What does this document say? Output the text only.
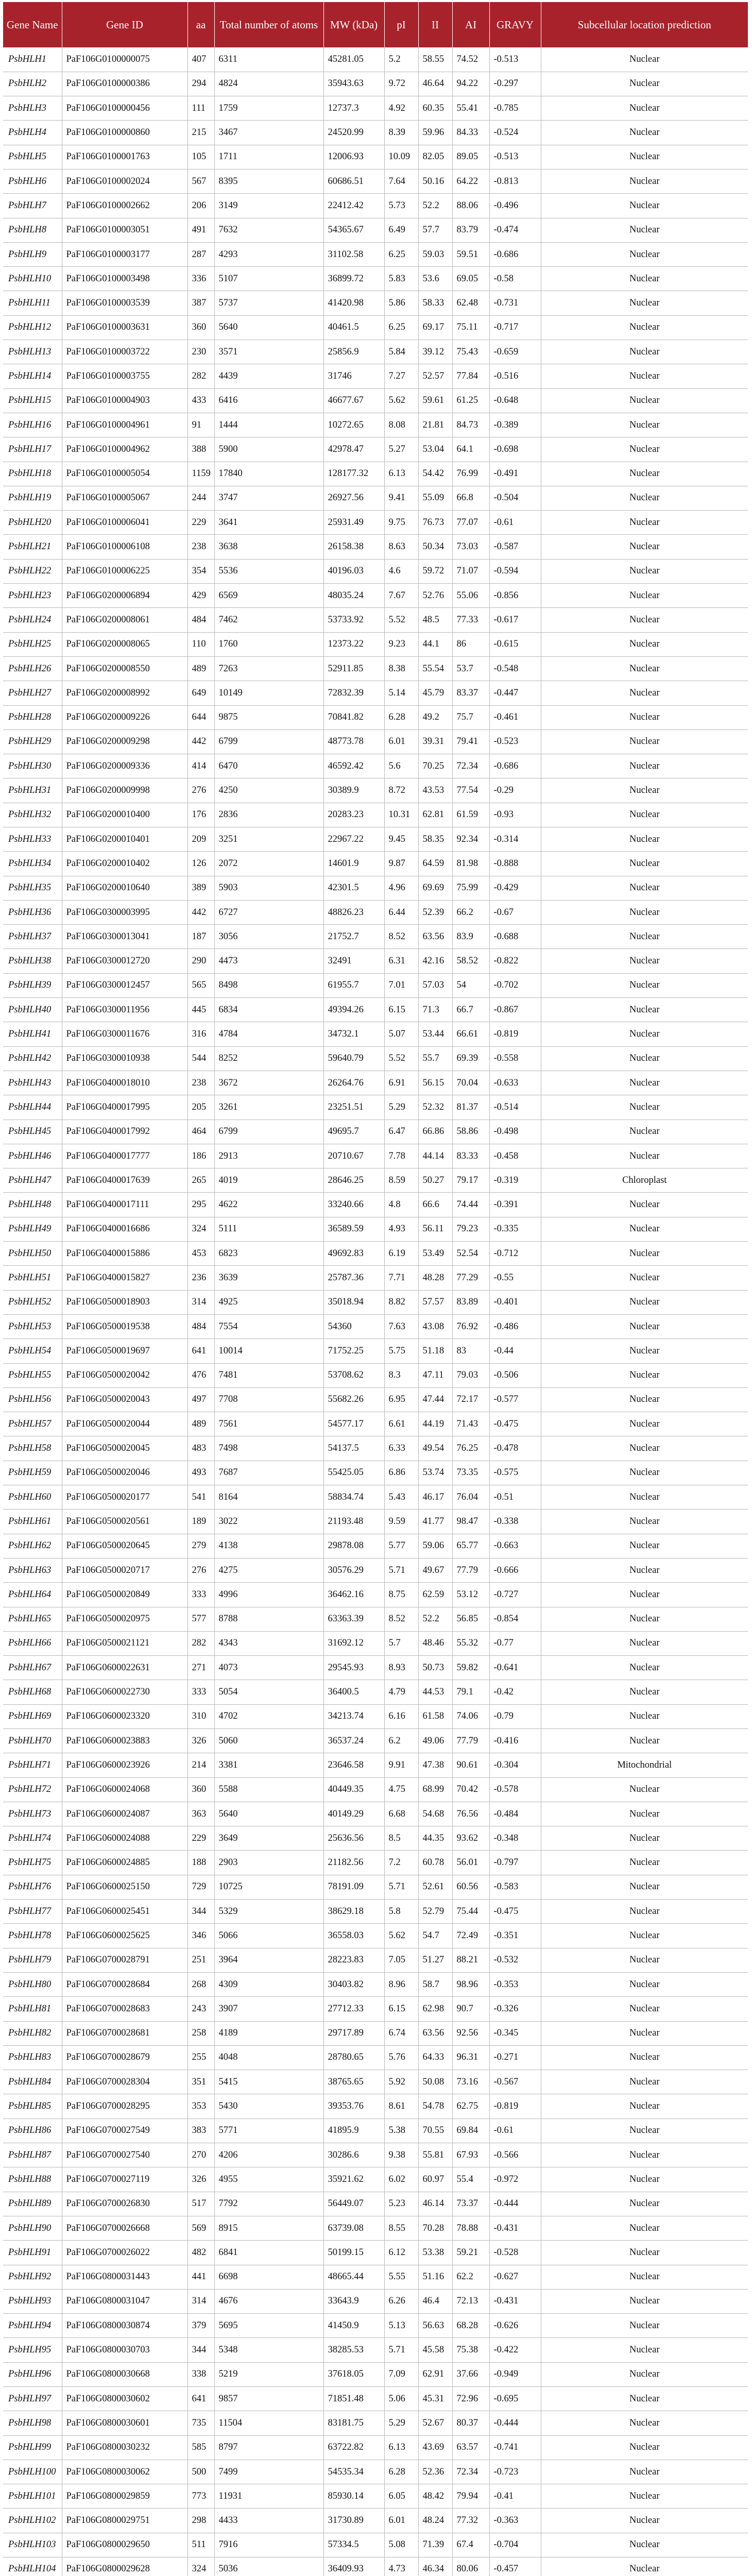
Gene Name	Gene ID	aa	Total number of atoms	MW (kDa)	pI	II	AI	GRAVY	Subcellular location prediction
PsbHLH1	PaF106G0100000075	407	6311	45281.05	5.2	58.55	74.52	-0.513	Nuclear
PsbHLH2	PaF106G0100000386	294	4824	35943.63	9.72	46.64	94.22	-0.297	Nuclear
PsbHLH3	PaF106G0100000456	111	1759	12737.3	4.92	60.35	55.41	-0.785	Nuclear
PsbHLH4	PaF106G0100000860	215	3467	24520.99	8.39	59.96	84.33	-0.524	Nuclear
PsbHLH5	PaF106G0100001763	105	1711	12006.93	10.09	82.05	89.05	-0.513	Nuclear
PsbHLH6	PaF106G0100002024	567	8395	60686.51	7.64	50.16	64.22	-0.813	Nuclear
PsbHLH7	PaF106G0100002662	206	3149	22412.42	5.73	52.2	88.06	-0.496	Nuclear
PsbHLH8	PaF106G0100003051	491	7632	54365.67	6.49	57.7	83.79	-0.474	Nuclear
PsbHLH9	PaF106G0100003177	287	4293	31102.58	6.25	59.03	59.51	-0.686	Nuclear
PsbHLH10	PaF106G0100003498	336	5107	36899.72	5.83	53.6	69.05	-0.58	Nuclear
PsbHLH11	PaF106G0100003539	387	5737	41420.98	5.86	58.33	62.48	-0.731	Nuclear
PsbHLH12	PaF106G0100003631	360	5640	40461.5	6.25	69.17	75.11	-0.717	Nuclear
PsbHLH13	PaF106G0100003722	230	3571	25856.9	5.84	39.12	75.43	-0.659	Nuclear
PsbHLH14	PaF106G0100003755	282	4439	31746	7.27	52.57	77.84	-0.516	Nuclear
PsbHLH15	PaF106G0100004903	433	6416	46677.67	5.62	59.61	61.25	-0.648	Nuclear
PsbHLH16	PaF106G0100004961	91	1444	10272.65	8.08	21.81	84.73	-0.389	Nuclear
PsbHLH17	PaF106G0100004962	388	5900	42978.47	5.27	53.04	64.1	-0.698	Nuclear
PsbHLH18	PaF106G0100005054	1159	17840	128177.32	6.13	54.42	76.99	-0.491	Nuclear
PsbHLH19	PaF106G0100005067	244	3747	26927.56	9.41	55.09	66.8	-0.504	Nuclear
PsbHLH20	PaF106G0100006041	229	3641	25931.49	9.75	76.73	77.07	-0.61	Nuclear
PsbHLH21	PaF106G0100006108	238	3638	26158.38	8.63	50.34	73.03	-0.587	Nuclear
PsbHLH22	PaF106G0100006225	354	5536	40196.03	4.6	59.72	71.07	-0.594	Nuclear
PsbHLH23	PaF106G0200006894	429	6569	48035.24	7.67	52.76	55.06	-0.856	Nuclear
PsbHLH24	PaF106G0200008061	484	7462	53733.92	5.52	48.5	77.33	-0.617	Nuclear
PsbHLH25	PaF106G0200008065	110	1760	12373.22	9.23	44.1	86	-0.615	Nuclear
PsbHLH26	PaF106G0200008550	489	7263	52911.85	8.38	55.54	53.7	-0.548	Nuclear
PsbHLH27	PaF106G0200008992	649	10149	72832.39	5.14	45.79	83.37	-0.447	Nuclear
PsbHLH28	PaF106G0200009226	644	9875	70841.82	6.28	49.2	75.7	-0.461	Nuclear
PsbHLH29	PaF106G0200009298	442	6799	48773.78	6.01	39.31	79.41	-0.523	Nuclear
PsbHLH30	PaF106G0200009336	414	6470	46592.42	5.6	70.25	72.34	-0.686	Nuclear
PsbHLH31	PaF106G0200009998	276	4250	30389.9	8.72	43.53	77.54	-0.29	Nuclear
PsbHLH32	PaF106G0200010400	176	2836	20283.23	10.31	62.81	61.59	-0.93	Nuclear
PsbHLH33	PaF106G0200010401	209	3251	22967.22	9.45	58.35	92.34	-0.314	Nuclear
PsbHLH34	PaF106G0200010402	126	2072	14601.9	9.87	64.59	81.98	-0.888	Nuclear
PsbHLH35	PaF106G0200010640	389	5903	42301.5	4.96	69.69	75.99	-0.429	Nuclear
PsbHLH36	PaF106G0300003995	442	6727	48826.23	6.44	52.39	66.2	-0.67	Nuclear
PsbHLH37	PaF106G0300013041	187	3056	21752.7	8.52	63.56	83.9	-0.688	Nuclear
PsbHLH38	PaF106G0300012720	290	4473	32491	6.31	42.16	58.52	-0.822	Nuclear
PsbHLH39	PaF106G0300012457	565	8498	61955.7	7.01	57.03	54	-0.702	Nuclear
PsbHLH40	PaF106G0300011956	445	6834	49394.26	6.15	71.3	66.7	-0.867	Nuclear
PsbHLH41	PaF106G0300011676	316	4784	34732.1	5.07	53.44	66.61	-0.819	Nuclear
PsbHLH42	PaF106G0300010938	544	8252	59640.79	5.52	55.7	69.39	-0.558	Nuclear
PsbHLH43	PaF106G0400018010	238	3672	26264.76	6.91	56.15	70.04	-0.633	Nuclear
PsbHLH44	PaF106G0400017995	205	3261	23251.51	5.29	52.32	81.37	-0.514	Nuclear
PsbHLH45	PaF106G0400017992	464	6799	49695.7	6.47	66.86	58.86	-0.498	Nuclear
PsbHLH46	PaF106G0400017777	186	2913	20710.67	7.78	44.14	83.33	-0.458	Nuclear
PsbHLH47	PaF106G0400017639	265	4019	28646.25	8.59	50.27	79.17	-0.319	Chloroplast
PsbHLH48	PaF106G0400017111	295	4622	33240.66	4.8	66.6	74.44	-0.391	Nuclear
PsbHLH49	PaF106G0400016686	324	5111	36589.59	4.93	56.11	79.23	-0.335	Nuclear
PsbHLH50	PaF106G0400015886	453	6823	49692.83	6.19	53.49	52.54	-0.712	Nuclear
PsbHLH51	PaF106G0400015827	236	3639	25787.36	7.71	48.28	77.29	-0.55	Nuclear
PsbHLH52	PaF106G0500018903	314	4925	35018.94	8.82	57.57	83.89	-0.401	Nuclear
PsbHLH53	PaF106G0500019538	484	7554	54360	7.63	43.08	76.92	-0.486	Nuclear
PsbHLH54	PaF106G0500019697	641	10014	71752.25	5.75	51.18	83	-0.44	Nuclear
PsbHLH55	PaF106G0500020042	476	7481	53708.62	8.3	47.11	79.03	-0.506	Nuclear
PsbHLH56	PaF106G0500020043	497	7708	55682.26	6.95	47.44	72.17	-0.577	Nuclear
PsbHLH57	PaF106G0500020044	489	7561	54577.17	6.61	44.19	71.43	-0.475	Nuclear
PsbHLH58	PaF106G0500020045	483	7498	54137.5	6.33	49.54	76.25	-0.478	Nuclear
PsbHLH59	PaF106G0500020046	493	7687	55425.05	6.86	53.74	73.35	-0.575	Nuclear
PsbHLH60	PaF106G0500020177	541	8164	58834.74	5.43	46.17	76.04	-0.51	Nuclear
PsbHLH61	PaF106G0500020561	189	3022	21193.48	9.59	41.77	98.47	-0.338	Nuclear
PsbHLH62	PaF106G0500020645	279	4138	29878.08	5.77	59.06	65.77	-0.663	Nuclear
PsbHLH63	PaF106G0500020717	276	4275	30576.29	5.71	49.67	77.79	-0.666	Nuclear
PsbHLH64	PaF106G0500020849	333	4996	36462.16	8.75	62.59	53.12	-0.727	Nuclear
PsbHLH65	PaF106G0500020975	577	8788	63363.39	8.52	52.2	56.85	-0.854	Nuclear
PsbHLH66	PaF106G0500021121	282	4343	31692.12	5.7	48.46	55.32	-0.77	Nuclear
PsbHLH67	PaF106G0600022631	271	4073	29545.93	8.93	50.73	59.82	-0.641	Nuclear
PsbHLH68	PaF106G0600022730	333	5054	36400.5	4.79	44.53	79.1	-0.42	Nuclear
PsbHLH69	PaF106G0600023320	310	4702	34213.74	6.16	61.58	74.06	-0.79	Nuclear
PsbHLH70	PaF106G0600023883	326	5060	36537.24	6.2	49.06	77.79	-0.416	Nuclear
PsbHLH71	PaF106G0600023926	214	3381	23646.58	9.91	47.38	90.61	-0.304	Mitochondrial
PsbHLH72	PaF106G0600024068	360	5588	40449.35	4.75	68.99	70.42	-0.578	Nuclear
PsbHLH73	PaF106G0600024087	363	5640	40149.29	6.68	54.68	76.56	-0.484	Nuclear
PsbHLH74	PaF106G0600024088	229	3649	25636.56	8.5	44.35	93.62	-0.348	Nuclear
PsbHLH75	PaF106G0600024885	188	2903	21182.56	7.2	60.78	56.01	-0.797	Nuclear
PsbHLH76	PaF106G0600025150	729	10725	78191.09	5.71	52.61	60.56	-0.583	Nuclear
PsbHLH77	PaF106G0600025451	344	5329	38629.18	5.8	52.79	75.44	-0.475	Nuclear
PsbHLH78	PaF106G0600025625	346	5066	36558.03	5.62	54.7	72.49	-0.351	Nuclear
PsbHLH79	PaF106G0700028791	251	3964	28223.83	7.05	51.27	88.21	-0.532	Nuclear
PsbHLH80	PaF106G0700028684	268	4309	30403.82	8.96	58.7	98.96	-0.353	Nuclear
PsbHLH81	PaF106G0700028683	243	3907	27712.33	6.15	62.98	90.7	-0.326	Nuclear
PsbHLH82	PaF106G0700028681	258	4189	29717.89	6.74	63.56	92.56	-0.345	Nuclear
PsbHLH83	PaF106G0700028679	255	4048	28780.65	5.76	64.33	96.31	-0.271	Nuclear
PsbHLH84	PaF106G0700028304	351	5415	38765.65	5.92	50.08	73.16	-0.567	Nuclear
PsbHLH85	PaF106G0700028295	353	5430	39353.76	8.61	54.78	62.75	-0.819	Nuclear
PsbHLH86	PaF106G0700027549	383	5771	41895.9	5.38	70.55	69.84	-0.61	Nuclear
PsbHLH87	PaF106G0700027540	270	4206	30286.6	9.38	55.81	67.93	-0.566	Nuclear
PsbHLH88	PaF106G0700027119	326	4955	35921.62	6.02	60.97	55.4	-0.972	Nuclear
PsbHLH89	PaF106G0700026830	517	7792	56449.07	5.23	46.14	73.37	-0.444	Nuclear
PsbHLH90	PaF106G0700026668	569	8915	63739.08	8.55	70.28	78.88	-0.431	Nuclear
PsbHLH91	PaF106G0700026022	482	6841	50199.15	6.12	53.38	59.21	-0.528	Nuclear
PsbHLH92	PaF106G0800031443	441	6698	48665.44	5.55	51.16	62.2	-0.627	Nuclear
PsbHLH93	PaF106G0800031047	314	4676	33643.9	6.26	46.4	72.13	-0.431	Nuclear
PsbHLH94	PaF106G0800030874	379	5695	41450.9	5.13	56.63	68.28	-0.626	Nuclear
PsbHLH95	PaF106G0800030703	344	5348	38285.53	5.71	45.58	75.38	-0.422	Nuclear
PsbHLH96	PaF106G0800030668	338	5219	37618.05	7.09	62.91	37.66	-0.949	Nuclear
PsbHLH97	PaF106G0800030602	641	9857	71851.48	5.06	45.31	72.96	-0.695	Nuclear
PsbHLH98	PaF106G0800030601	735	11504	83181.75	5.29	52.67	80.37	-0.444	Nuclear
PsbHLH99	PaF106G0800030232	585	8797	63722.82	6.13	43.69	63.57	-0.741	Nuclear
PsbHLH100	PaF106G0800030062	500	7499	54535.34	6.28	52.36	72.34	-0.723	Nuclear
PsbHLH101	PaF106G0800029859	773	11931	85930.14	6.05	48.42	79.94	-0.41	Nuclear
PsbHLH102	PaF106G0800029751	298	4433	31730.89	6.01	48.24	77.32	-0.363	Nuclear
PsbHLH103	PaF106G0800029650	511	7916	57334.5	5.08	71.39	67.4	-0.704	Nuclear
PsbHLH104	PaF106G0800029628	324	5036	36409.93	4.73	46.34	80.06	-0.457	Nuclear
